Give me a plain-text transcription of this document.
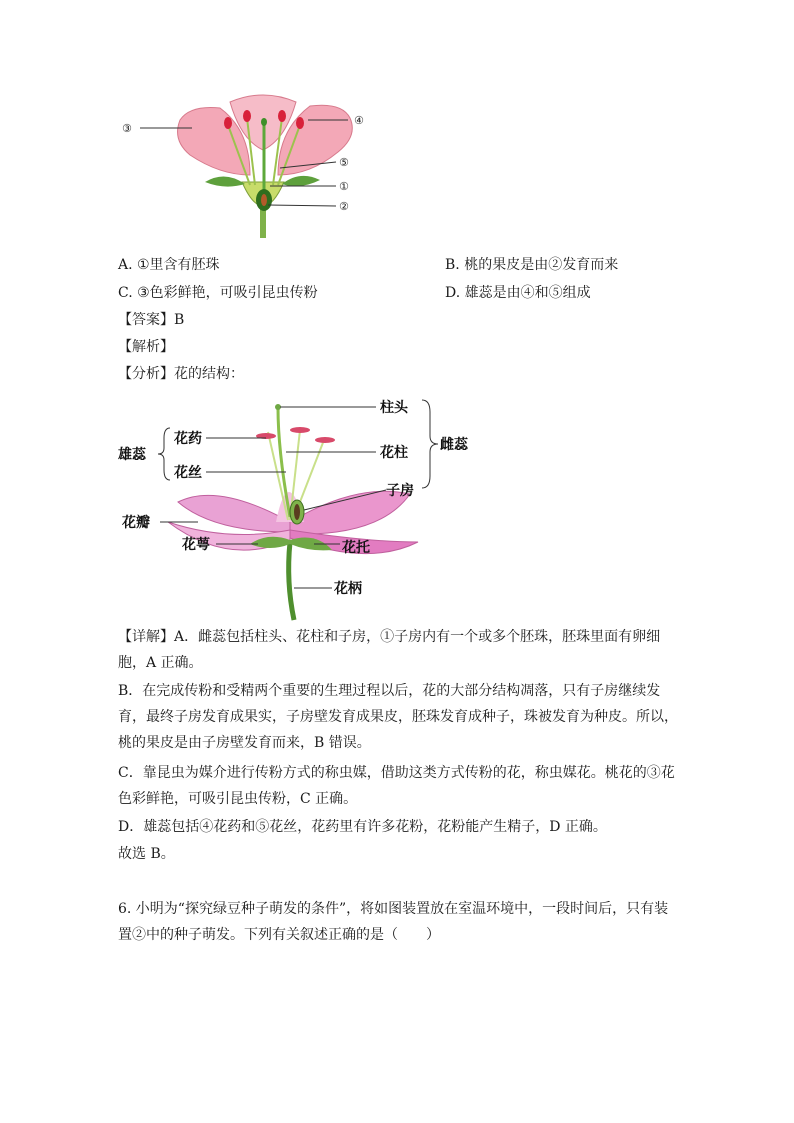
③
④
⑤
①
②
A. ①里含有胚珠	B. 桃的果皮是由②发育而来
C. ③色彩鲜艳，可吸引昆虫传粉	D. 雄蕊是由④和⑤组成
【答案】B
【解析】
【分析】花的结构：
柱头
花药
花柱
花丝
雄蕊
雌蕊
子房
花瓣
花萼	花托
花柄
【详解】A．雌蕊包括柱头、花柱和子房，①子房内有一个或多个胚珠，胚珠里面有卵细胞，A 正确。
B．在完成传粉和受精两个重要的生理过程以后，花的大部分结构凋落，只有子房继续发育，最终子房发育成果实，子房壁发育成果皮，胚珠发育成种子，珠被发育为种皮。所以，桃的果皮是由子房壁发育而来，B 错误。
C．靠昆虫为媒介进行传粉方式的称虫媒，借助这类方式传粉的花，称虫媒花。桃花的③花色彩鲜艳，可吸引昆虫传粉，C 正确。
D．雄蕊包括④花药和⑤花丝，花药里有许多花粉，花粉能产生精子，D 正确。
故选 B。
6. 小明为“探究绿豆种子萌发的条件”，将如图装置放在室温环境中，一段时间后，只有装置②中的种子萌发。下列有关叙述正确的是（　　）
